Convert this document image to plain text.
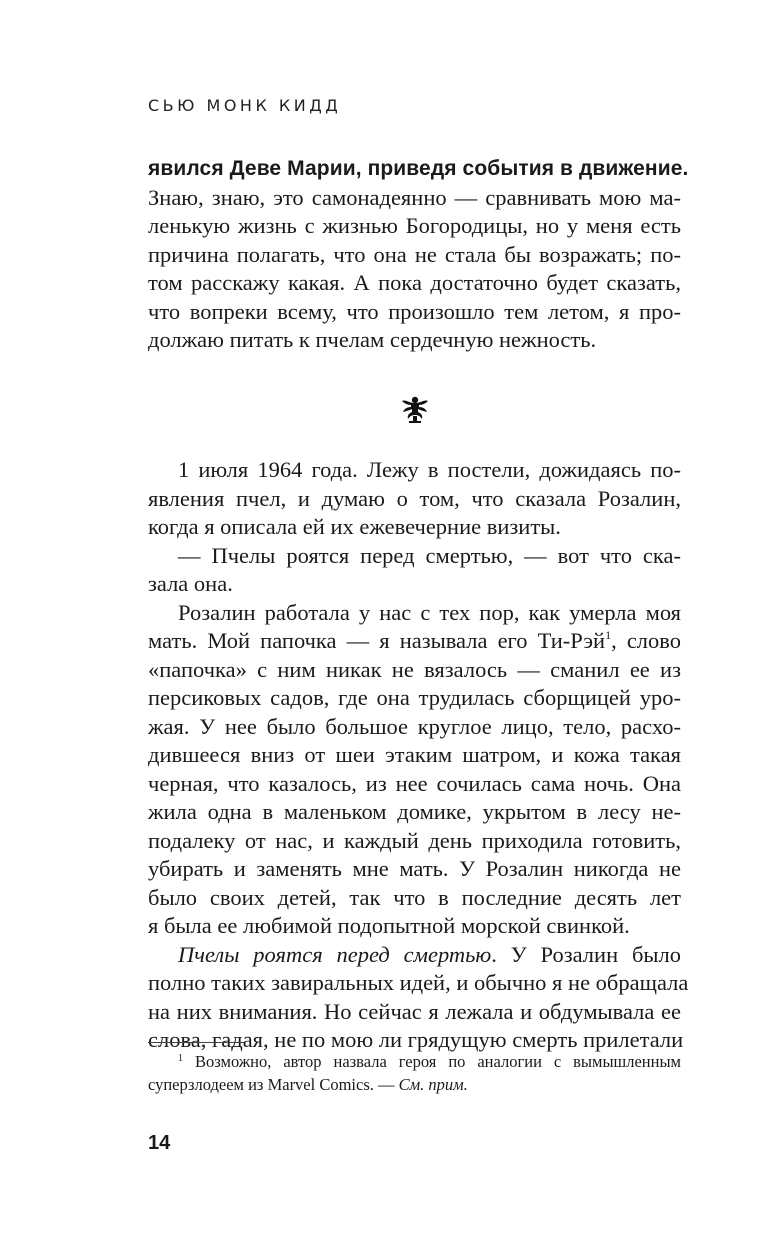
СЬЮ МОНК КИДД
явился Деве Марии, приведя события в движение.
Знаю, знаю, это самонадеянно — сравнивать мою ма-
ленькую жизнь с жизнью Богородицы, но у меня есть
причина полагать, что она не стала бы возражать; по-
том расскажу какая. А пока достаточно будет сказать,
что вопреки всему, что произошло тем летом, я про-
должаю питать к пчелам сердечную нежность.
1 июля 1964 года. Лежу в постели, дожидаясь по-
явления пчел, и думаю о том, что сказала Розалин,
когда я описала ей их ежевечерние визиты.
— Пчелы роятся перед смертью, — вот что ска-
зала она.
Розалин работала у нас с тех пор, как умерла моя
мать. Мой папочка — я называла его Ти-Рэй$^1$, слово
«папочка» с ним никак не вязалось — сманил ее из
персиковых садов, где она трудилась сборщицей уро-
жая. У нее было большое круглое лицо, тело, расхо-
дившееся вниз от шеи этаким шатром, и кожа такая
черная, что казалось, из нее сочилась сама ночь. Она
жила одна в маленьком домике, укрытом в лесу не-
подалеку от нас, и каждый день приходила готовить,
убирать и заменять мне мать. У Розалин никогда не
было своих детей, так что в последние десять лет
я была ее любимой подопытной морской свинкой.
Пчелы роятся перед смертью. У Розалин было
полно таких завиральных идей, и обычно я не обращала
на них внимания. Но сейчас я лежала и обдумывала ее
слова, гадая, не по мою ли грядущую смерть прилетали
$^1$ Возможно, автор назвала героя по аналогии с вымышленным
суперзлодеем из Marvel Comics. — См. прим.
14
